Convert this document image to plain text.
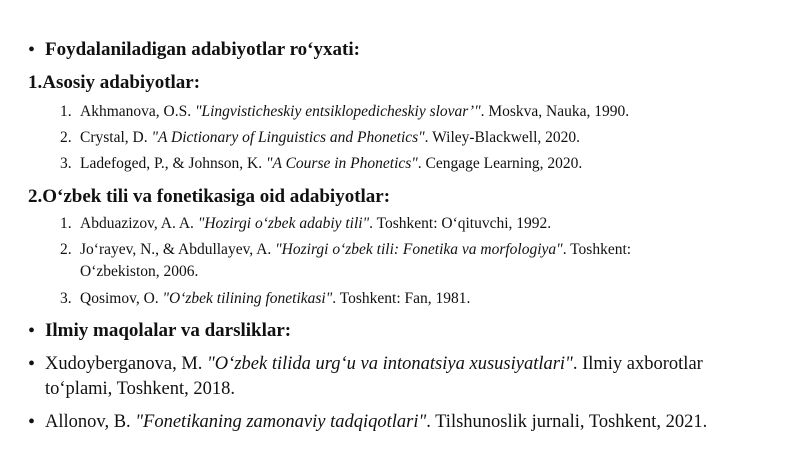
• Foydalaniladigan adabiyotlar ro‘yxati:
1.Asosiy adabiyotlar:
1. Akhmanova, O.S. "Lingvisticheskiy entsiklopedicheskiy slovar’". Moskva, Nauka, 1990.
2. Crystal, D. "A Dictionary of Linguistics and Phonetics". Wiley-Blackwell, 2020.
3. Ladefoged, P., & Johnson, K. "A Course in Phonetics". Cengage Learning, 2020.
2.O‘zbek tili va fonetikasiga oid adabiyotlar:
1. Abduazizov, A. A. "Hozirgi o‘zbek adabiy tili". Toshkent: O‘qituvchi, 1992.
2. Jo‘rayev, N., & Abdullayev, A. "Hozirgi o‘zbek tili: Fonetika va morfologiya". Toshkent:
O‘zbekiston, 2006.
3. Qosimov, O. "O‘zbek tilining fonetikasi". Toshkent: Fan, 1981.
• Ilmiy maqolalar va darsliklar:
• Xudoyberganova, M. "O‘zbek tilida urg‘u va intonatsiya xususiyatlari". Ilmiy axborotlar
to‘plami, Toshkent, 2018.
• Allonov, B. "Fonetikaning zamonaviy tadqiqotlari". Tilshunoslik jurnali, Toshkent, 2021.
